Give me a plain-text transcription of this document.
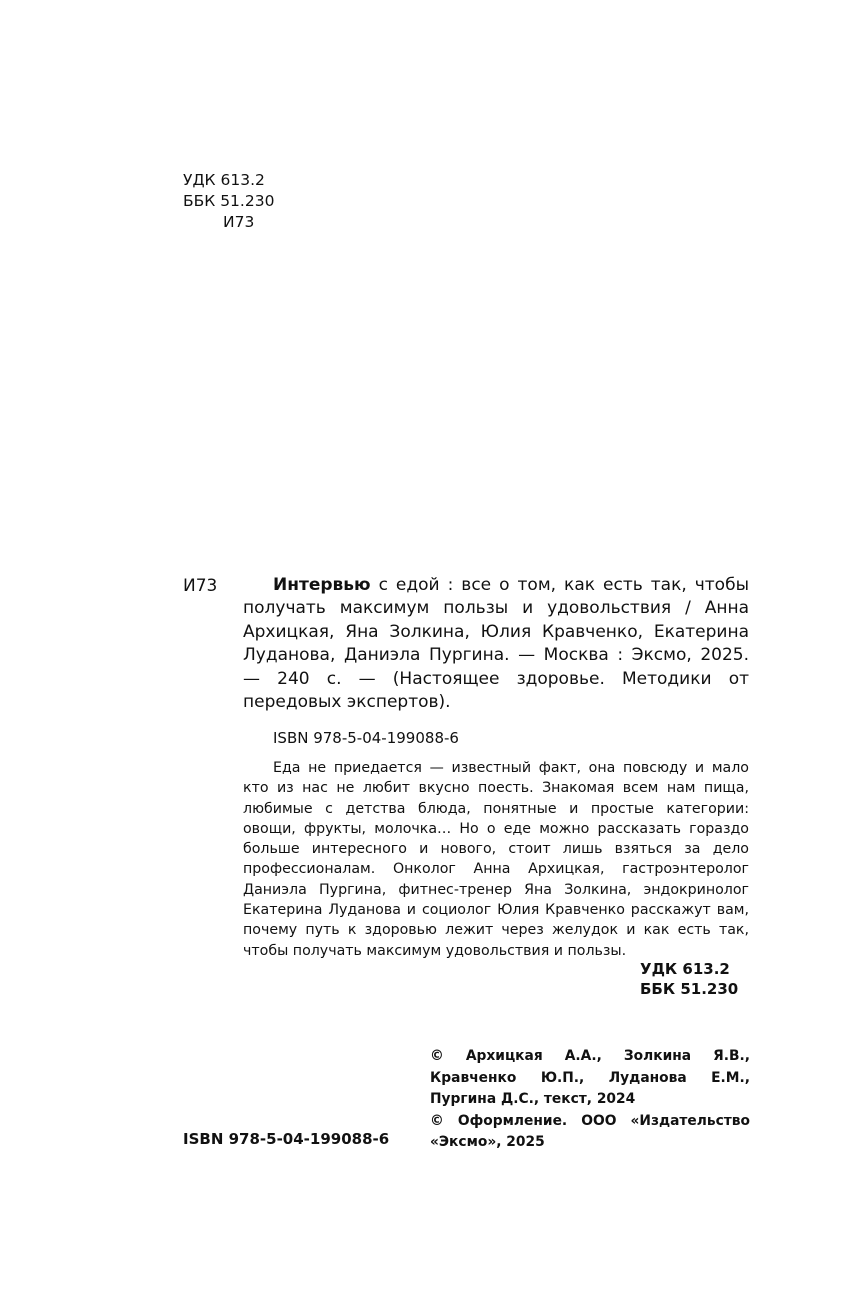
УДК 613.2
ББК 51.230
И73
И73	Интервью с едой : все о том, как есть так, чтобы получать максимум пользы и удовольствия / Анна Архицкая, Яна Золкина, Юлия Кравченко, Екатерина Луданова, Даниэла Пургина. — Москва : Эксмо, 2025. — 240 с. — (Настоящее здоровье. Методики от передовых экспертов).
ISBN 978-5-04-199088-6
Еда не приедается — известный факт, она повсюду и мало кто из нас не любит вкусно поесть. Знакомая всем нам пища, любимые с детства блюда, понятные и простые категории: овощи, фрукты, молочка… Но о еде можно рассказать гораздо больше интересного и нового, стоит лишь взяться за дело профессионалам. Онколог Анна Архицкая, гастроэнтеролог Даниэла Пургина, фитнес-тренер Яна Золкина, эндокринолог Екатерина Луданова и социолог Юлия Кравченко расскажут вам, почему путь к здоровью лежит через желудок и как есть так, чтобы получать максимум удовольствия и пользы.
УДК 613.2
ББК 51.230

© Архицкая А.А., Золкина Я.В., Кравченко Ю.П., Луданова Е.М., Пургина Д.С., текст, 2024

© Оформление. ООО «Издательство «Эксмо», 2025

ISBN 978-5-04-199088-6
